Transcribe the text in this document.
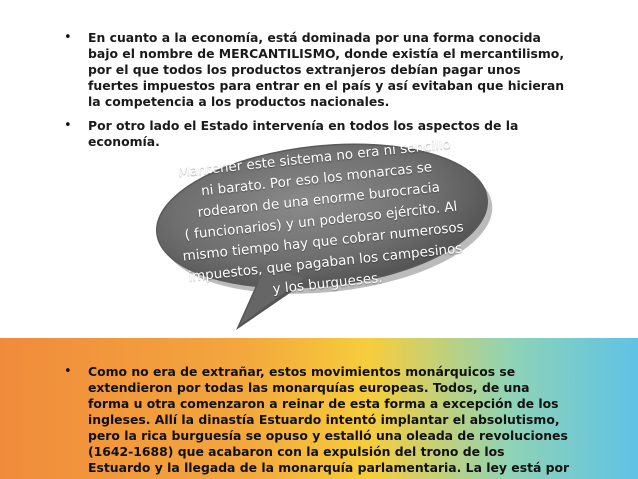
• En cuanto a la economía, está dominada por una forma conocida
bajo el nombre de MERCANTILISMO, donde existía el mercantilismo,
por el que todos los productos extranjeros debían pagar unos
fuertes impuestos para entrar en el país y así evitaban que hicieran
la competencia a los productos nacionales.

• Por otro lado el Estado intervenía en todos los aspectos de la
economía.	Mantener este sistema no era ni sencillo
ni barato. Por eso los monarcas se
rodearon de una enorme burocracia
( funcionarios) y un poderoso ejército. Al
mismo tiempo hay que cobrar numerosos
impuestos, que pagaban los campesinos
y los burgueses.

• Como no era de extrañar, estos movimientos monárquicos se
extendieron por todas las monarquías europeas. Todos, de una
forma u otra comenzaron a reinar de esta forma a excepción de los
ingleses. Allí la dinastía Estuardo intentó implantar el absolutismo,
pero la rica burguesía se opuso y estalló una oleada de revoluciones
(1642-1688) que acabaron con la expulsión del trono de los
Estuardo y la llegada de la monarquía parlamentaria. La ley está por
